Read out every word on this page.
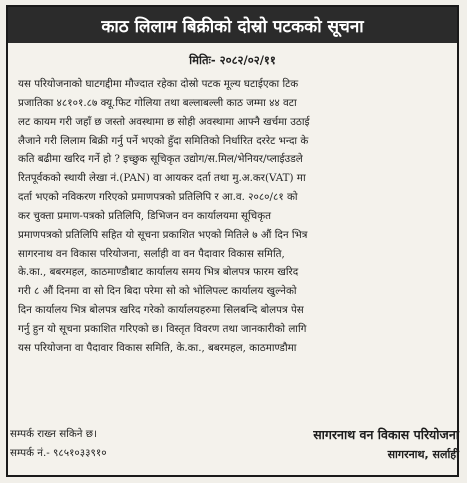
काठ लिलाम बिक्रीको दोस्रो पटकको सूचना
मितिः- २०८२/०२/११
यस परियोजनाको घाटगद्दीमा मौज्दात रहेका दोस्रो पटक मूल्य घटाईएका टिक
प्रजातिका ४८१०१.८७ क्यू.फिट गोलिया तथा बल्लाबल्ली काठ जम्मा ४४ वटा
लट कायम गरी जहाँ छ जस्तो अवस्थामा छ सोही अवस्थामा आफ्नै खर्चमा उठाई
लैजाने गरी लिलाम बिक्री गर्नु पर्ने भएको हुँदा समितिको निर्धारित दररेट भन्दा के
कति बढीमा खरिद गर्ने हो ? इच्छुक सूचिकृत उद्योग/स.मिल/भेनियर/प्लाईउडले
रितपूर्वकको स्थायी लेखा नं.(PAN) वा आयकर दर्ता तथा मु.अ.कर(VAT) मा
दर्ता भएको नविकरण गरिएको प्रमाणपत्रको प्रतिलिपि र आ.व. २०८०/८१ को
कर चुक्ता प्रमाण-पत्रको प्रतिलिपि, डिभिजन वन कार्यालयमा सूचिकृत
प्रमाणपत्रको प्रतिलिपि सहित यो सूचना प्रकाशित भएको मितिले ७ औं दिन भित्र
सागरनाथ वन विकास परियोजना, सर्लाही वा वन पैदावार विकास समिति,
के.का., बबरमहल, काठमाण्डौबाट कार्यालय समय भित्र बोलपत्र फारम खरिद
गरी ८ औं दिनमा वा सो दिन बिदा परेमा सो को भोलिपल्ट कार्यालय खुल्नेको
दिन कार्यालय भित्र बोलपत्र खरिद गरेको कार्यालयहरुमा सिलबन्दि बोलपत्र पेस
गर्नु हुन यो सूचना प्रकाशित गरिएको छ। विस्तृत विवरण तथा जानकारीको लागि
यस परियोजना वा पैदावार विकास समिति, के.का., बबरमहल, काठमाण्डौमा
सम्पर्क राख्न सकिने छ।
सम्पर्क नं.- ९८५१०३३९१०
सागरनाथ वन विकास परियोजना
सागरनाथ, सर्लाही
